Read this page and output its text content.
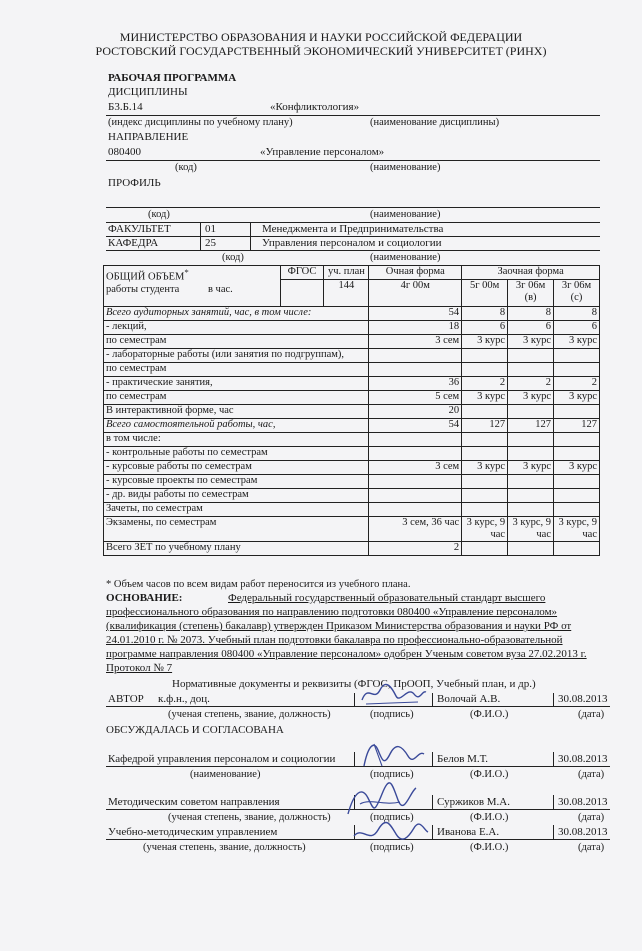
МИНИСТЕРСТВО ОБРАЗОВАНИЯ И НАУКИ РОССИЙСКОЙ ФЕДЕРАЦИИ
РОСТОВСКИЙ ГОСУДАРСТВЕННЫЙ ЭКОНОМИЧЕСКИЙ УНИВЕРСИТЕТ (РИНХ)
РАБОЧАЯ ПРОГРАММА
ДИСЦИПЛИНЫ
Б3.Б.14	«Конфликтология»
(индекс дисциплины по учебному плану)	(наименование дисциплины)
НАПРАВЛЕНИЕ
080400	«Управление персоналом»
(код)	(наименование)
ПРОФИЛЬ
(код)	(наименование)
ФАКУЛЬТЕТ	01	Менеджмента и Предпринимательства
КАФЕДРА	25	Управления персоналом и социологии
(код)	(наименование)
ОБЩИЙ ОБЪЕМ*
работы студента в час.	ФГОС	уч. план	Очная форма	Заочная форма		
		144	4г 00м	5г 00м	3г 06м (в)	3г 06м (с)

Всего аудиторных занятий, час, в том числе:			54	8	8	8
- лекций,			18	6	6	6
по семестрам			3 сем	3 курс	3 курс	3 курс
- лабораторные работы (или занятия по подгруппам),						
по семестрам						
- практические занятия,			36	2	2	2
по семестрам			5 сем	3 курс	3 курс	3 курс
В интерактивной форме, час			20			
Всего самостоятельной работы, час,			54	127	127	127
в том числе:						
- контрольные работы по семестрам						
- курсовые работы по семестрам			3 сем	3 курс	3 курс	3 курс
- курсовые проекты по семестрам						
- др. виды работы по семестрам						
Зачеты, по семестрам						
Экзамены, по семестрам			3 сем, 36 час	3 курс, 9 час	3 курс, 9 час	3 курс, 9 час
Всего ЗЕТ по учебному плану			2			
* Объем часов по всем видам работ переносится из учебного плана.
ОСНОВАНИЕ:	Федеральный государственный образовательный стандарт высшего
профессионального образования по направлению подготовки 080400 «Управление персоналом»
(квалификация (степень) бакалавр) утвержден Приказом Министерства образования и науки РФ от
24.01.2010 г. № 2073. Учебный план подготовки бакалавра по профессионально-образовательной
программе направления 080400 «Управление персоналом» одобрен Ученым советом вуза 27.02.2013 г.
Протокол № 7
Нормативные документы и реквизиты (ФГОС, ПрООП, Учебный план, и др.)
АВТОР к.ф.н., доц.	Волочай А.В.	30.08.2013
(ученая степень, звание, должность)	(подпись)	(Ф.И.О.)	(дата)
ОБСУЖДАЛАСЬ И СОГЛАСОВАНА
Кафедрой управления персоналом и социологии	Белов М.Т.	30.08.2013
(наименование)	(подпись)	(Ф.И.О.)	(дата)
Методическим советом направления	Суржиков М.А.	30.08.2013
(ученая степень, звание, должность)	(подпись)	(Ф.И.О.)	(дата)
Учебно-методическим управлением	Иванова Е.А.	30.08.2013
(ученая степень, звание, должность)	(подпись)	(Ф.И.О.)	(дата)
